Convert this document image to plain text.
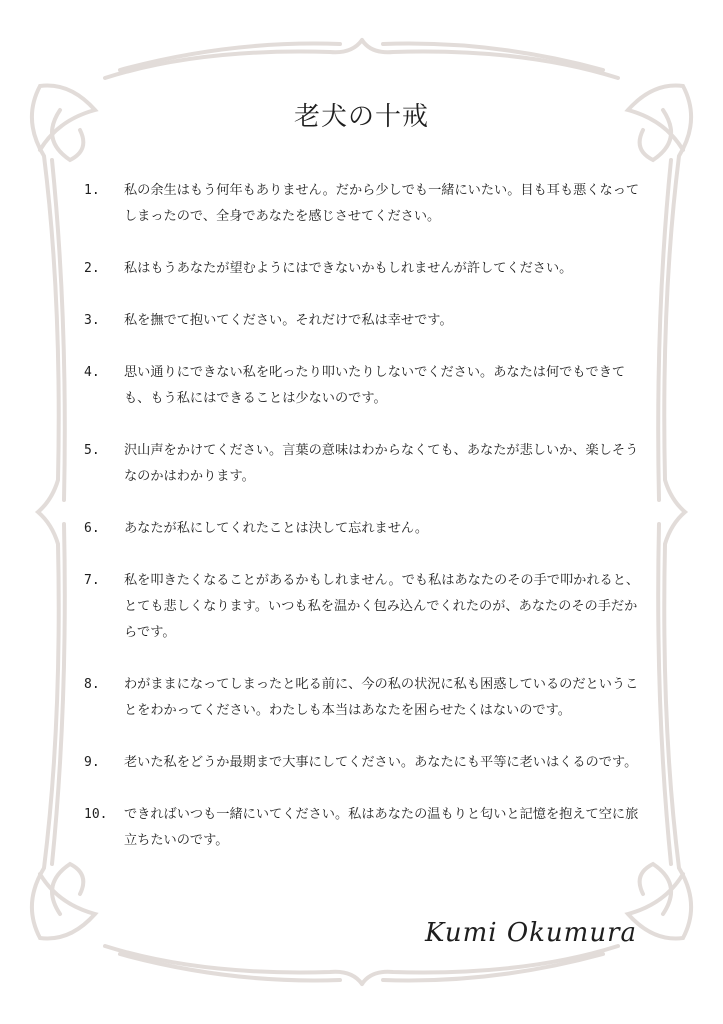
老犬の十戒
1.	私の余生はもう何年もありません。だから少しでも一緒にいたい。目も耳も悪くなってしまったので、全身であなたを感じさせてください。
2.	私はもうあなたが望むようにはできないかもしれませんが許してください。
3.	私を撫でて抱いてください。それだけで私は幸せです。
4.	思い通りにできない私を叱ったり叩いたりしないでください。あなたは何でもできても、もう私にはできることは少ないのです。
5.	沢山声をかけてください。言葉の意味はわからなくても、あなたが悲しいか、楽しそうなのかはわかります。
6.	あなたが私にしてくれたことは決して忘れません。
7.	私を叩きたくなることがあるかもしれません。でも私はあなたのその手で叩かれると、とても悲しくなります。いつも私を温かく包み込んでくれたのが、あなたのその手だからです。
8.	わがままになってしまったと叱る前に、今の私の状況に私も困惑しているのだということをわかってください。わたしも本当はあなたを困らせたくはないのです。
9.	老いた私をどうか最期まで大事にしてください。あなたにも平等に老いはくるのです。
10.	できればいつも一緒にいてください。私はあなたの温もりと匂いと記憶を抱えて空に旅立ちたいのです。
Kumi Okumura
